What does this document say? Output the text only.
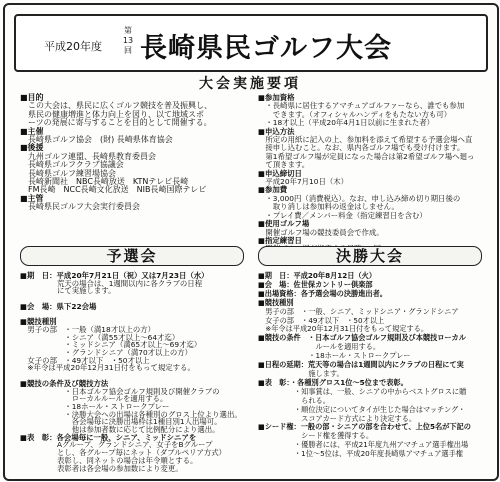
平成20年度
第13回 長崎県民ゴルフ大会
大会実施要項
■目的
　この大会は、県民に広くゴルフ競技を普及振興し、
　県民の健康増進と体力向上を図り、以て地域スポ
　ーツの発展に寄与することを目的として開催する。
■主催
　長崎県ゴルフ協会　(財) 長崎県体育協会
■後援
　九州ゴルフ連盟、長崎県教育委員会
　長崎県ゴルフクラブ協議会
　長崎県ゴルフ練習場協会
　長崎新聞社　NBC長崎放送　KTNテレビ長崎
　FM長崎　NCC長崎文化放送　NIB長崎国際テレビ
■主管
　長崎県民ゴルフ大会実行委員会
■参加資格
　・長崎県に居住するアマチュアゴルファーなら、誰でも参加
　　できます。（オフィシャルハンディをもたない方も可）
　・18才以上（平成20年4月1日以前に生まれた者）
■申込方法
　所定の用紙に記入の上、参加料を添えて希望する予選会場へ直
　接申し込むこと。なお、県内各ゴルフ場でも受け付けます。
　第1希望ゴルフ場が定員になった場合は第2希望ゴルフ場へ廻っ
　て頂きます。
■申込締切日
　平成20年7月10日（木）
■参加費
　・3,000円（消費税込）。なお、申し込み締め切り期日後の
　　取り消しは参加料の返金はしません。
　・プレイ費／メンバー料金（指定練習日を含む）
■使用ゴルフ場
　開催ゴルフ場の競技委員会で作成。
■指定練習日
予選会	決勝大会
■期　日：平成20年7月21日（祝）又は7月23日（水）
　　　　　荒天の場合は、1週間以内に各クラブの日程
　　　　　にて実施します。

■会　場：県下22会場

■競技種別
　男子の部　・一般（満18才以上の方）
　　　　　　・シニア（満55才以上～64才迄）
　　　　　　・ミッドシニア（満65才以上～69才迄）
　　　　　　・グランドシニア（満70才以上の方）
　女子の部　・49才以下　・50才以上
　※年令は平成20年12月31日付をもって規定する。

■競技の条件及び競技方法
　　　　　　・日本ゴルフ協会ゴルフ規則及び開催クラブの
　　　　　　　ローカルルールを適用する。
　　　　　　・18ホール・ストロークプレー
　　　　　　・決勝大会への出場は各種別のグロス上位より選出。
　　　　　　　各会場毎に決勝出場枠は1種目別1人出場可。
　　　　　　　他は参加者数に応じて比例配分により選出。
■表　彰：各会場毎に一般、シニア、ミッドシニアを
　　　　　Aグループ、グランドシニア、女子をBグループ
　　　　　とし、各グループ毎にネット（ダブルペリア方式）
　　　　　表彰し、同ネットの場合は年令順とする。
　　　　　表彰者は各会場の参加数により変更。
■期　日：平成20年8月12日（火）
■会　場：佐世保カントリー倶楽部
■出場資格：各予選会場の決勝進出者。
■競技種別
　男子の部　・一般、シニア、ミッドシニア・グランドシニア
　女子の部　・49才以下　・50才以上
　※年令は平成20年12月31日付をもって規定する。
■競技の条件　・日本ゴルフ協会ゴルフ規則及び本競技ローカル
　　　　　　　　ルールを適用する。
　　　　　　　・18ホール・ストロークプレー
■日程の延期：荒天等の場合は1週間以内にクラブの日程にて実
　　　　　　　施します。
■表　彰：・各種別グロス1位～5位まで表彰。
　　　　　・知事賞は、一般、シニアの中からベストグロスに贈
　　　　　　られる。
　　　　　・順位決定についてタイが生じた場合はマッチング・
　　　　　　スコアカード方式により決定する。
■シード権：一般の部・シニアの部を合わせて、上位5名が下記の
　　　　　　シード権を獲得する。
　　　　　・優勝者には、平成21年度九州アマチュア選手権出場
　　　　　・1位～5位は、平成20年度長崎県アマチュア選手権
